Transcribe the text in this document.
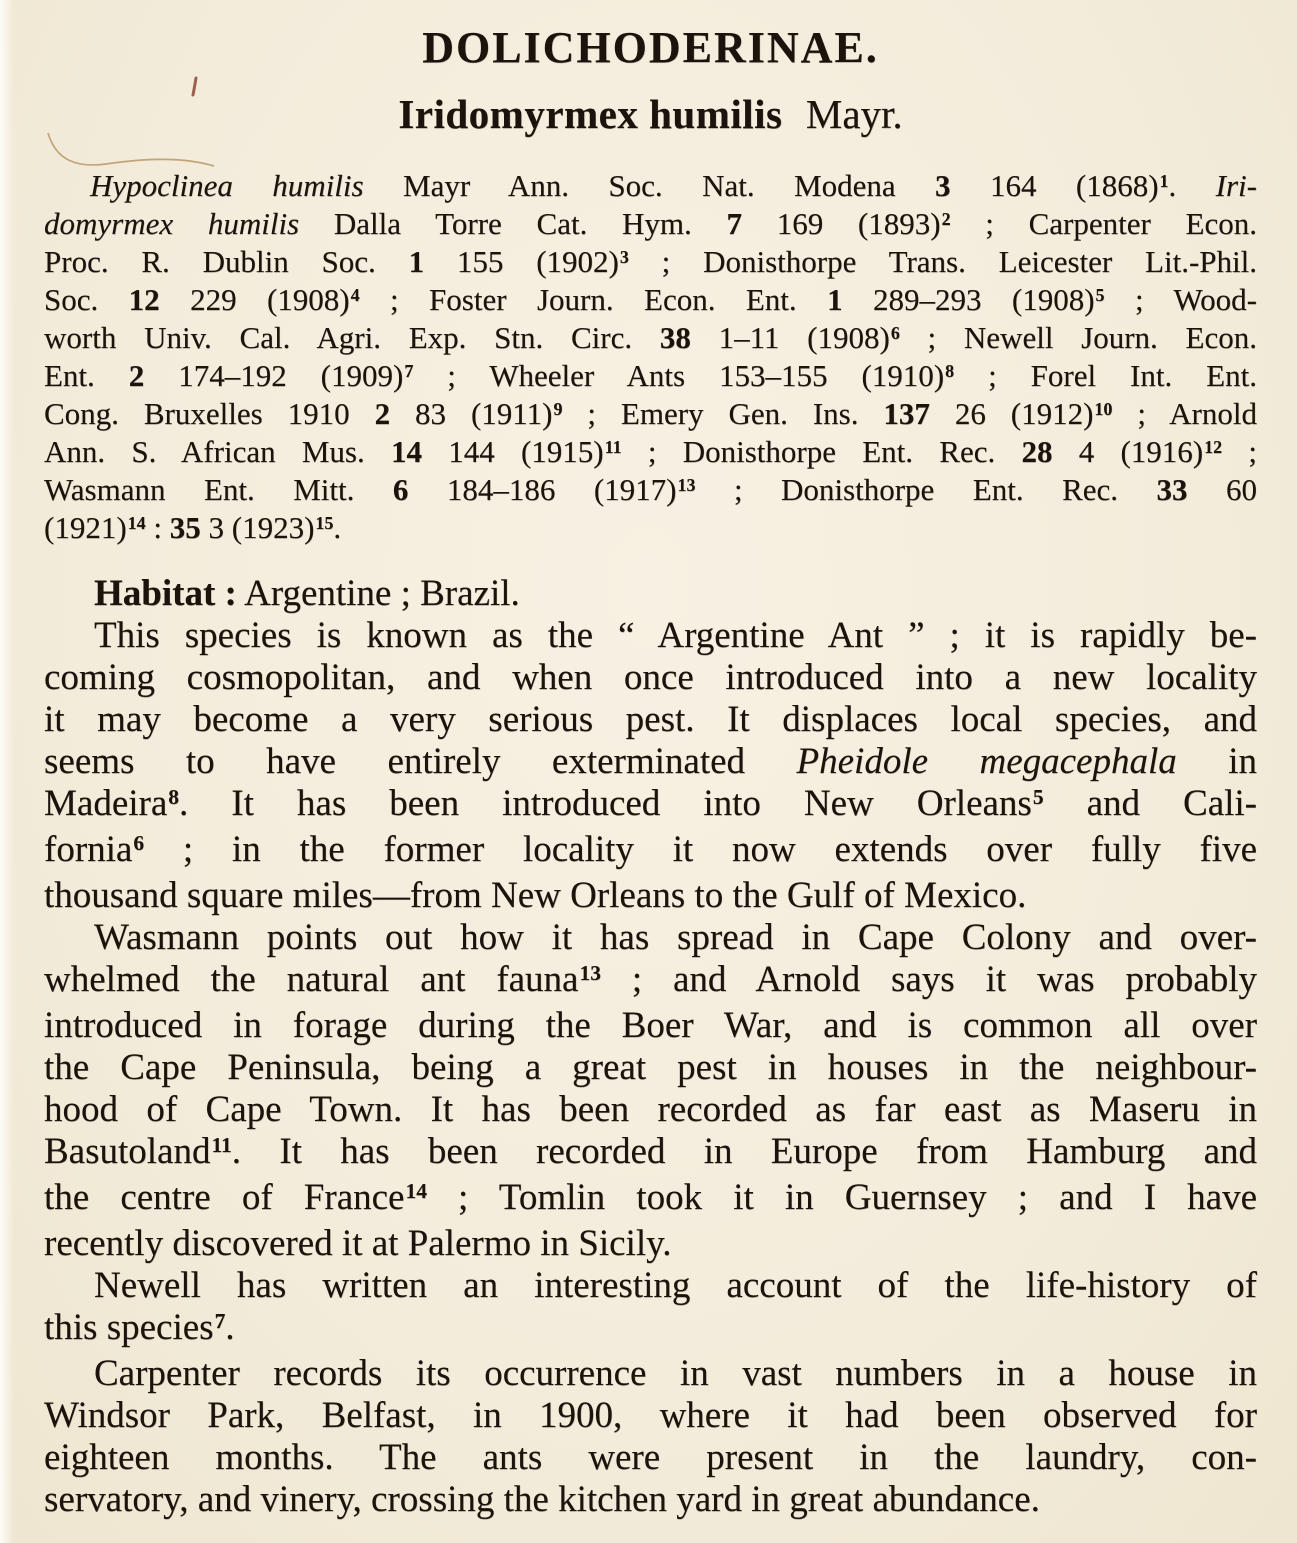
DOLICHODERINAE.
Iridomyrmex humilis Mayr.
Hypoclinea humilis Mayr Ann. Soc. Nat. Modena 3 164 $(1868)^1$. Iri-
domyrmex humilis Dalla Torre Cat. Hym. 7 169 $(1893)^2$ ; Carpenter Econ.
Proc. R. Dublin Soc. 1 155 $(1902)^3$ ; Donisthorpe Trans. Leicester Lit.-Phil.
Soc. 12 229 $(1908)^4$ ; Foster Journ. Econ. Ent. 1 289–293 $(1908)^5$ ; Wood-
worth Univ. Cal. Agri. Exp. Stn. Circ. 38 1–11 $(1908)^6$ ; Newell Journ. Econ.
Ent. 2 174–192 $(1909)^7$ ; Wheeler Ants 153–155 $(1910)^8$ ; Forel Int. Ent.
Cong. Bruxelles 1910 2 83 $(1911)^9$ ; Emery Gen. Ins. 137 26 $(1912)^{10}$ ; Arnold
Ann. S. African Mus. 14 144 $(1915)^{11}$ ; Donisthorpe Ent. Rec. 28 4 $(1916)^{12}$ ;
Wasmann Ent. Mitt. 6 184–186 $(1917)^{13}$ ; Donisthorpe Ent. Rec. 33 60
$(1921)^{14}$ : 35 3 $(1923)^{15}$.
Habitat : Argentine ; Brazil.
This species is known as the “ Argentine Ant ” ; it is rapidly be-
coming cosmopolitan, and when once introduced into a new locality
it may become a very serious pest. It displaces local species, and
seems to have entirely exterminated Pheidole megacephala in
Madeira$^8$. It has been introduced into New Orleans$^5$ and Cali-
fornia$^6$ ; in the former locality it now extends over fully five
thousand square miles—from New Orleans to the Gulf of Mexico.
Wasmann points out how it has spread in Cape Colony and over-
whelmed the natural ant fauna$^{13}$ ; and Arnold says it was probably
introduced in forage during the Boer War, and is common all over
the Cape Peninsula, being a great pest in houses in the neighbour-
hood of Cape Town. It has been recorded as far east as Maseru in
Basutoland$^{11}$. It has been recorded in Europe from Hamburg and
the centre of France$^{14}$ ; Tomlin took it in Guernsey ; and I have
recently discovered it at Palermo in Sicily.
Newell has written an interesting account of the life-history of
this species$^7$.
Carpenter records its occurrence in vast numbers in a house in
Windsor Park, Belfast, in 1900, where it had been observed for
eighteen months. The ants were present in the laundry, con-
servatory, and vinery, crossing the kitchen yard in great abundance.
